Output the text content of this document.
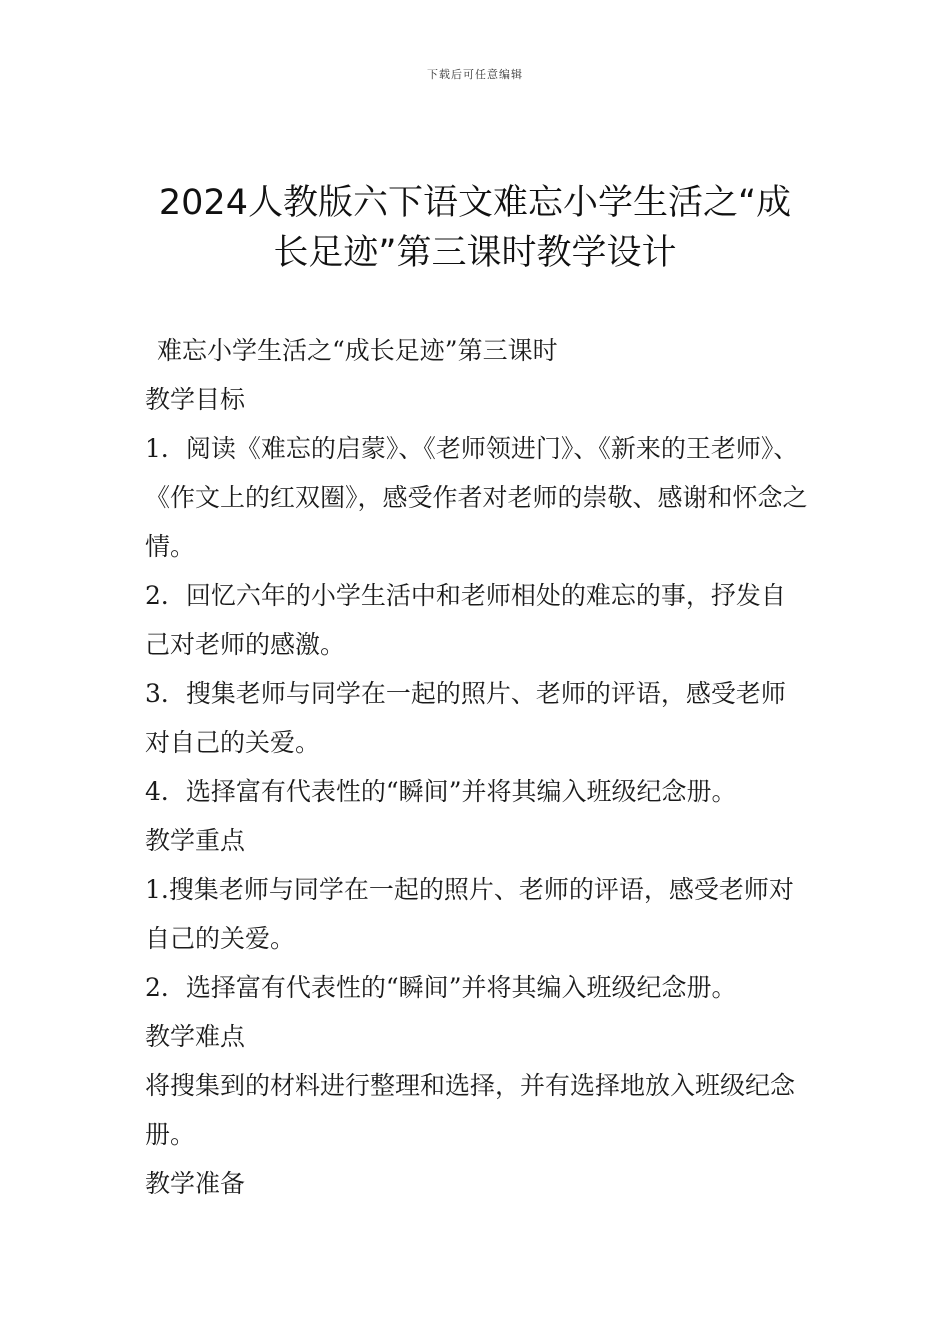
下载后可任意编辑
2024人教版六下语文难忘小学生活之“成
长足迹”第三课时教学设计

难忘小学生活之“成长足迹”第三课时

教学目标

1．阅读《难忘的启蒙》、《老师领进门》、《新来的王老师》、《作文上的红双圈》，感受作者对老师的崇敬、感谢和怀念之情。

2．回忆六年的小学生活中和老师相处的难忘的事，抒发自己对老师的感激。

3．搜集老师与同学在一起的照片、老师的评语，感受老师对自己的关爱。

4．选择富有代表性的“瞬间”并将其编入班级纪念册。

教学重点

1.搜集老师与同学在一起的照片、老师的评语，感受老师对自己的关爱。

2．选择富有代表性的“瞬间”并将其编入班级纪念册。

教学难点

将搜集到的材料进行整理和选择，并有选择地放入班级纪念册。

教学准备
